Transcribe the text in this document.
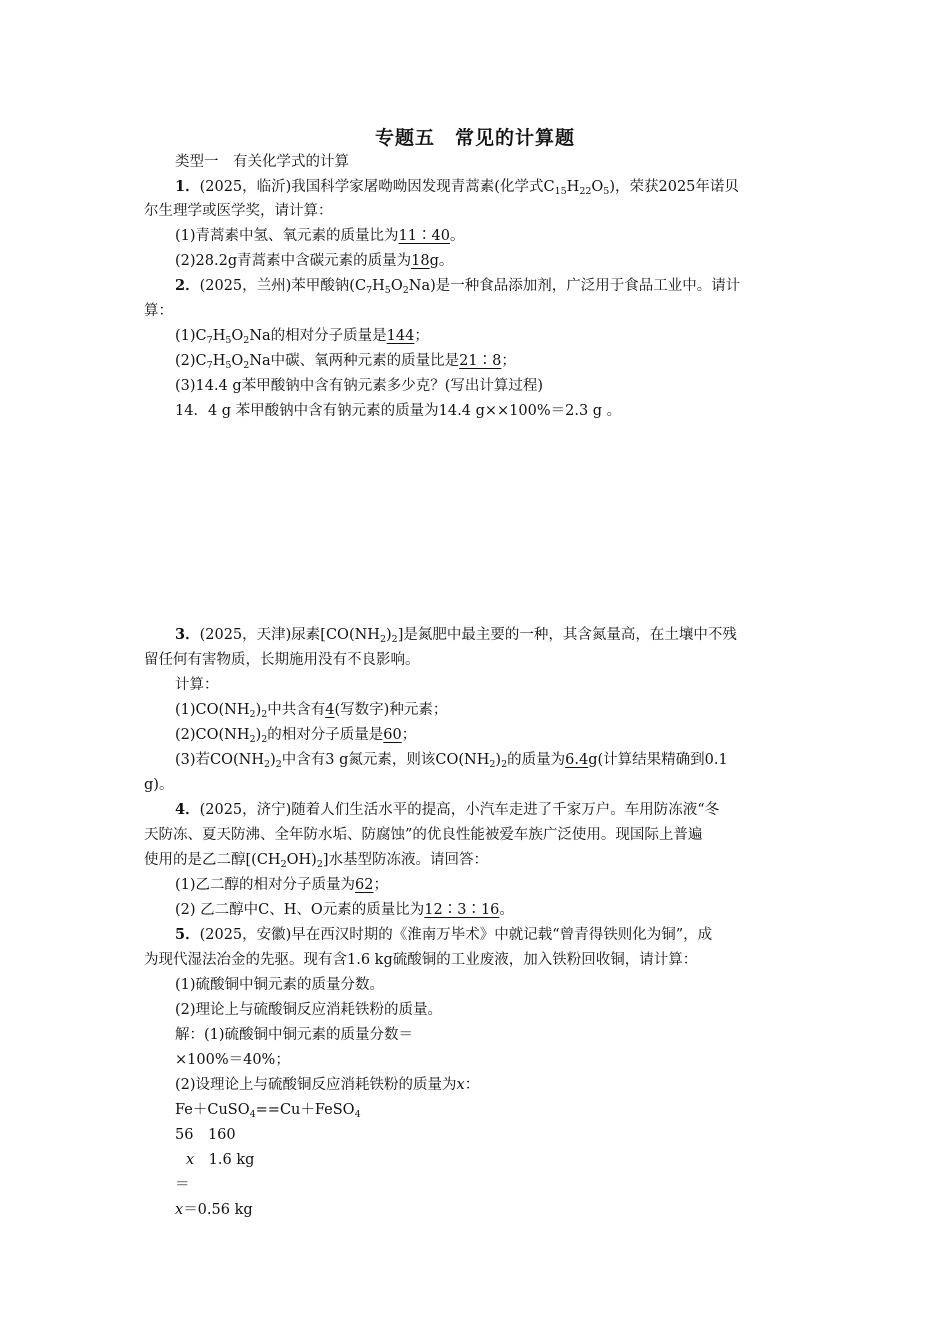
专题五　常见的计算题
类型一　有关化学式的计算
1．(2025，临沂)我国科学家屠呦呦因发现青蒿素(化学式$C_{15}H_{22}O_5$)，荣获2025年诺贝
尔生理学或医学奖，请计算：
(1)青蒿素中氢、氧元素的质量比为11∶40。
(2)28.2g青蒿素中含碳元素的质量为18g。
2．(2025，兰州)苯甲酸钠$(C_7H_5O_2Na)$是一种食品添加剂，广泛用于食品工业中。请计
算：
$(1)C_7H_5O_2Na$的相对分子质量是144；
$(2)C_7H_5O_2Na$中碳、氧两种元素的质量比是21∶8；
(3)14.4 g苯甲酸钠中含有钠元素多少克？(写出计算过程)
14．4 g 苯甲酸钠中含有钠元素的质量为14.4 g××100%＝2.3 g 。
3．(2025，天津)尿素$[CO(NH_2)_2]$是氮肥中最主要的一种，其含氮量高，在土壤中不残
留任何有害物质，长期施用没有不良影响。
计算：
$(1)CO(NH_2)_2$中共含有4(写数字)种元素；
$(2)CO(NH_2)_2$的相对分子质量是60；
(3)若$CO(NH_2)_2$中含有3 g氮元素，则该$CO(NH_2)_2$的质量为6.4g(计算结果精确到0.1
g)。
4．(2025，济宁)随着人们生活水平的提高，小汽车走进了千家万户。车用防冻液“冬
天防冻、夏天防沸、全年防水垢、防腐蚀”的优良性能被爱车族广泛使用。现国际上普遍
使用的是乙二醇$[(CH_2OH)_2]$水基型防冻液。请回答：
(1)乙二醇的相对分子质量为62；
(2) 乙二醇中C、H、O元素的质量比为12∶3∶16。
5．(2025，安徽)早在西汉时期的《淮南万毕术》中就记载“曾青得铁则化为铜”，成
为现代湿法冶金的先驱。现有含1.6 kg硫酸铜的工业废液，加入铁粉回收铜，请计算：
(1)硫酸铜中铜元素的质量分数。
(2)理论上与硫酸铜反应消耗铁粉的质量。
解：(1)硫酸铜中铜元素的质量分数＝
×100%＝40%；
(2)设理论上与硫酸铜反应消耗铁粉的质量为x：
Fe＋CuSO$_4$==Cu＋FeSO$_4$
56　160
x　1.6 kg
＝
x＝0.56 kg
